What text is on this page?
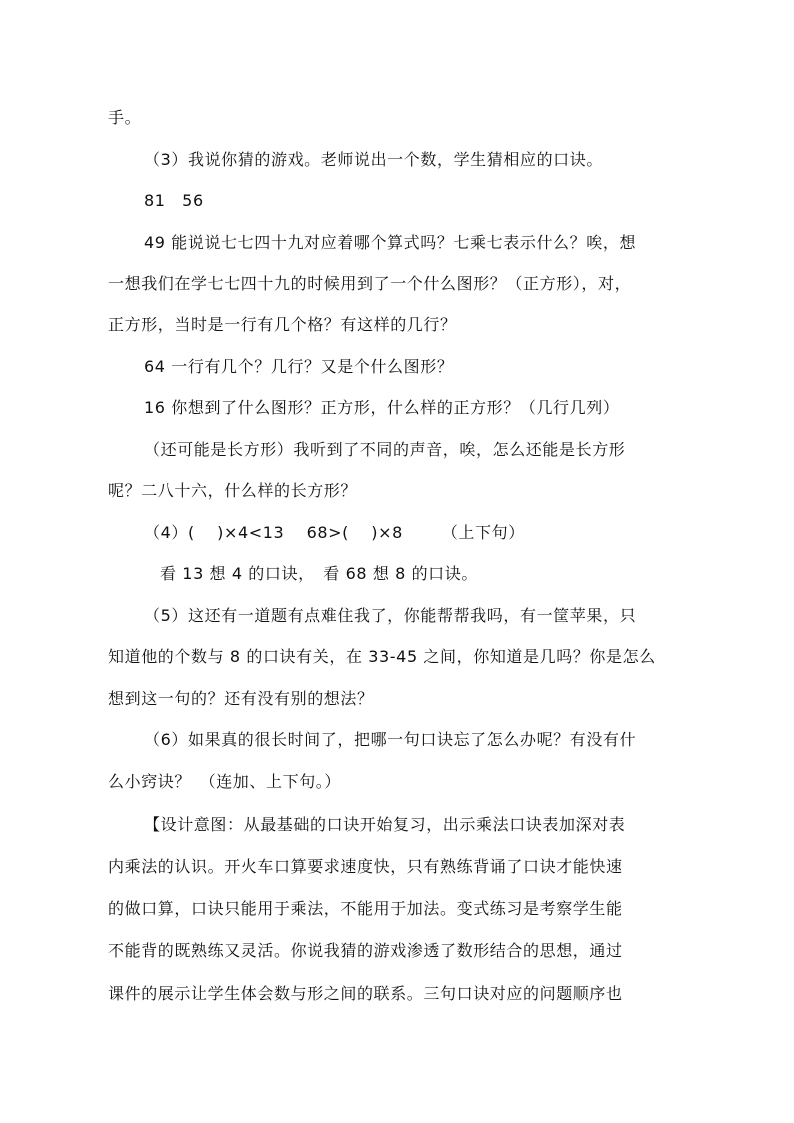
手。
（3）我说你猜的游戏。老师说出一个数，学生猜相应的口诀。
81　56
49 能说说七七四十九对应着哪个算式吗？七乘七表示什么？唉，想
一想我们在学七七四十九的时候用到了一个什么图形？（正方形），对，
正方形，当时是一行有几个格？有这样的几行？
64 一行有几个？几行？又是个什么图形？
16 你想到了什么图形？正方形，什么样的正方形？（几行几列）
（还可能是长方形）我听到了不同的声音，唉，怎么还能是长方形
呢？二八十六，什么样的长方形？
（4）(　 )×4<13　 68>(　 )×8　　 （上下句）
看 13 想 4 的口诀，　看 68 想 8 的口诀。
（5）这还有一道题有点难住我了，你能帮帮我吗，有一筐苹果，只
知道他的个数与 8 的口诀有关，在 33-45 之间，你知道是几吗？你是怎么
想到这一句的？还有没有别的想法？
（6）如果真的很长时间了，把哪一句口诀忘了怎么办呢？有没有什
么小窍诀？　（连加、上下句。）
【设计意图：从最基础的口诀开始复习，出示乘法口诀表加深对表
内乘法的认识。开火车口算要求速度快，只有熟练背诵了口诀才能快速
的做口算，口诀只能用于乘法，不能用于加法。变式练习是考察学生能
不能背的既熟练又灵活。你说我猜的游戏渗透了数形结合的思想，通过
课件的展示让学生体会数与形之间的联系。三句口诀对应的问题顺序也
